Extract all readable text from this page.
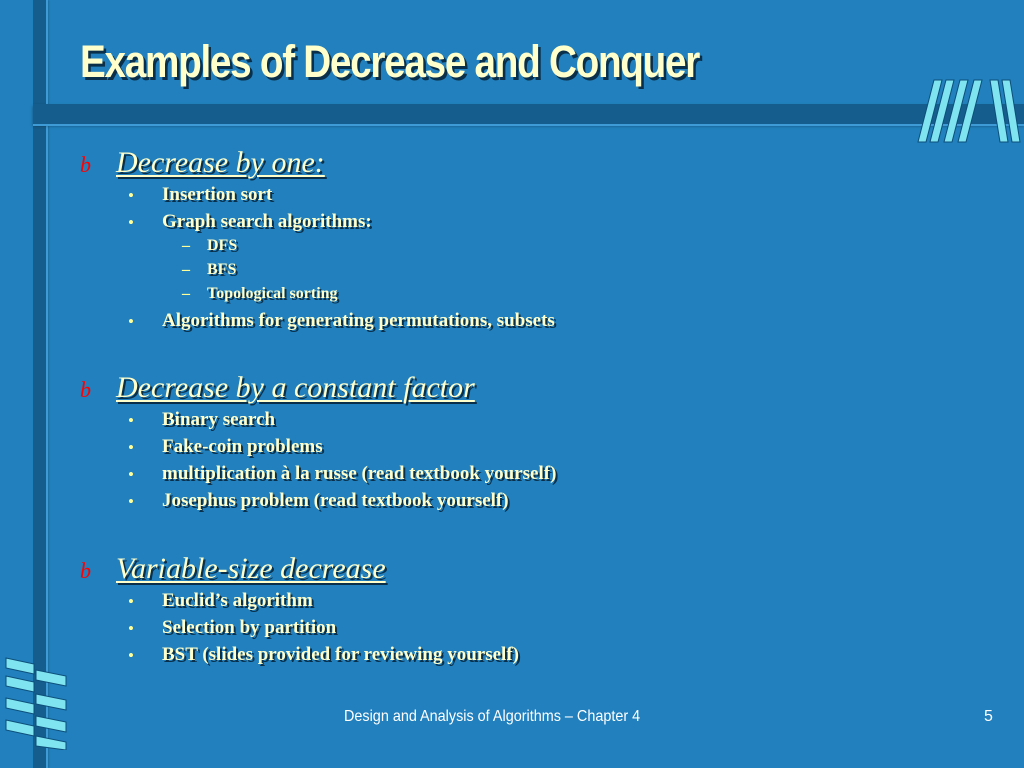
Examples of Decrease and Conquer
b Decrease by one:
• Insertion sort
• Graph search algorithms:
– DFS
– BFS
– Topological sorting
• Algorithms for generating permutations, subsets
b Decrease by a constant factor
• Binary search
• Fake-coin problems
• multiplication à la russe (read textbook yourself)
• Josephus problem (read textbook yourself)
b Variable-size decrease
• Euclid’s algorithm
• Selection by partition
• BST (slides provided for reviewing yourself)
Design and Analysis of Algorithms – Chapter 4	5
